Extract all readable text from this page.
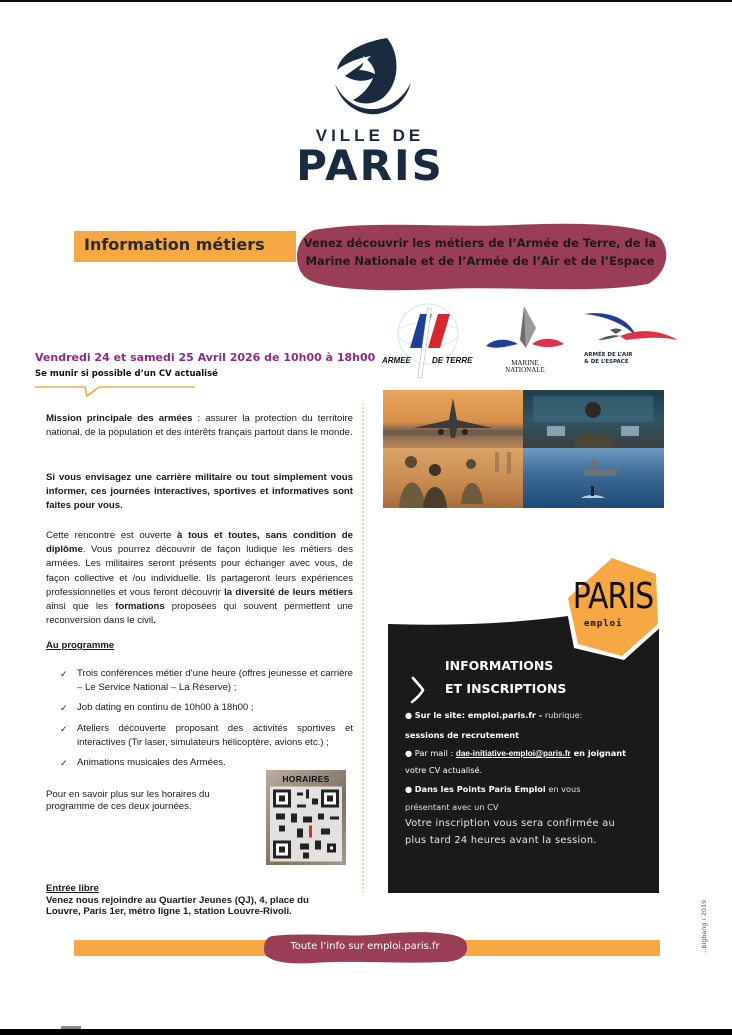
VILLE DE
PARIS
Information métiers	Venez découvrir les métiers de l’Armée de Terre, de la
Marine Nationale et de l’Armée de l’Air et de l’Espace
ARMEE	DE TERRE	MARINE
NATIONALE
ARMÉE DE L’AIR
& DE L’ESPACE
Vendredi 24 et samedi 25 Avril 2026 de 10h00 à 18h00
Se munir si possible d’un CV actualisé
Mission principale des armées : assurer la protection du territoire national, de la population et des intérêts français partout dans le monde.
Si vous envisagez une carrière militaire ou tout simplement vous informer, ces journées interactives, sportives et informatives sont faites pour vous.
Cette rencontre est ouverte à tous et toutes, sans condition de diplôme. Vous pourrez découvrir de façon ludique les métiers des armées. Les militaires seront présents pour échanger avec vous, de façon collective et /ou individuelle. Ils partageront leurs expériences professionnelles et vous feront découvrir la diversité de leurs métiers ainsi que les formations proposées qui souvent permettent une reconversion dans le civil.
Au programme
✓ Trois conférences métier d’une heure (offres jeunesse et carrière – Le Service National – La Réserve) ;
✓ Job dating en continu de 10h00 à 18h00 ;
✓ Ateliers découverte proposant des activités sportives et interactives (Tir laser, simulateurs hélicoptère, avions etc.) ;
✓ Animations musicales des Armées.
Pour en savoir plus sur les horaires du programme de ces deux journées.
HORAIRES
Entrée libre
Venez nous rejoindre au Quartier Jeunes (QJ), 4, place du
Louvre, Paris 1er, métro ligne 1, station Louvre-Rivoli.
PARIS
emploi
INFORMATIONS
ET INSCRIPTIONS
● Sur le site: emploi.paris.fr - rubrique:
sessions de recrutement
● Par mail : dae-initiative-emploi@paris.fr en joignant
votre CV actualisé.
● Dans les Points Paris Emploi en vous
présentant avec un CV
Votre inscription vous sera confirmée au
plus tard 24 heures avant la session.
Toute l’info sur emploi.paris.fr	...bigbang / 2019
